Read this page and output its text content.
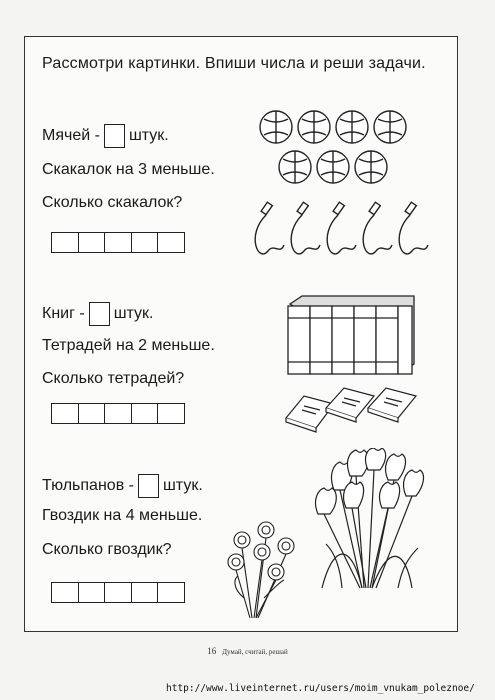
Рассмотри картинки. Впиши числа и реши задачи.
Мячей - штук.
Скакалок на 3 меньше.
Сколько скакалок?
Книг - штук.
Тетрадей на 2 меньше.
Сколько тетрадей?
Тюльпанов - штук.
Гвоздик на 4 меньше.
Сколько гвоздик?
16 Думай, считай, решай
http://www.liveinternet.ru/users/moim_vnukam_poleznoe/
